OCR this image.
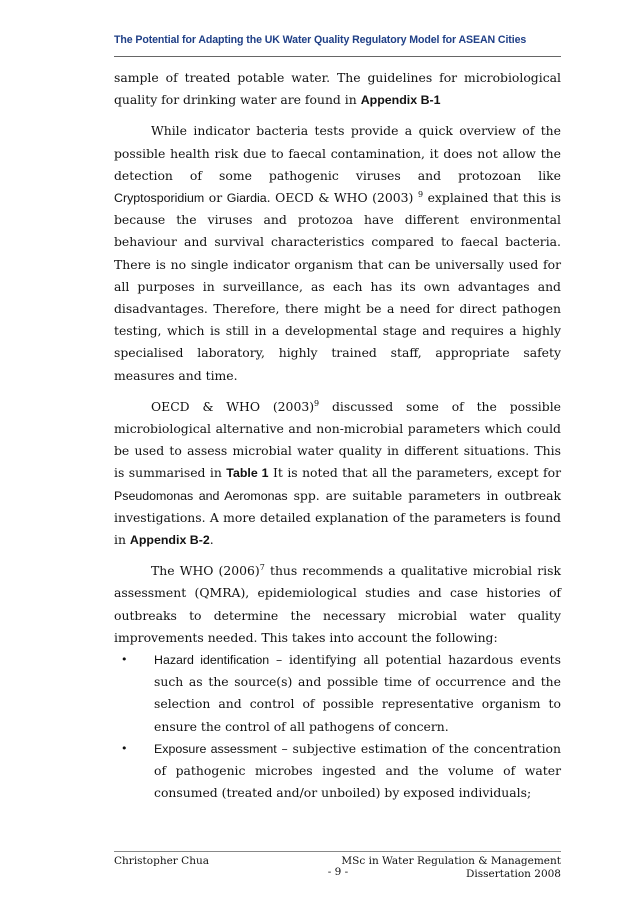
The Potential for Adapting the UK Water Quality Regulatory Model for ASEAN Cities

sample of treated potable water. The guidelines for microbiological quality for drinking water are found in Appendix B-1

While indicator bacteria tests provide a quick overview of the possible health risk due to faecal contamination, it does not allow the detection of some pathogenic viruses and protozoan like Cryptosporidium or Giardia. OECD & WHO (2003) $^9$ explained that this is because the viruses and protozoa have different environmental behaviour and survival characteristics compared to faecal bacteria. There is no single indicator organism that can be universally used for all purposes in surveillance, as each has its own advantages and disadvantages. Therefore, there might be a need for direct pathogen testing, which is still in a developmental stage and requires a highly specialised laboratory, highly trained staff, appropriate safety measures and time.

OECD & WHO (2003)$^9$ discussed some of the possible microbiological alternative and non-microbial parameters which could be used to assess microbial water quality in different situations. This is summarised in Table 1 It is noted that all the parameters, except for Pseudomonas and Aeromonas spp. are suitable parameters in outbreak investigations. A more detailed explanation of the parameters is found in Appendix B-2.

The WHO (2006)$^7$ thus recommends a qualitative microbial risk assessment (QMRA), epidemiological studies and case histories of outbreaks to determine the necessary microbial water quality improvements needed. This takes into account the following:

• Hazard identification – identifying all potential hazardous events such as the source(s) and possible time of occurrence and the selection and control of possible representative organism to ensure the control of all pathogens of concern.
• Exposure assessment – subjective estimation of the concentration of pathogenic microbes ingested and the volume of water consumed (treated and/or unboiled) by exposed individuals;
Christopher Chua	MSc in Water Regulation & Management
Dissertation 2008
- 9 -
